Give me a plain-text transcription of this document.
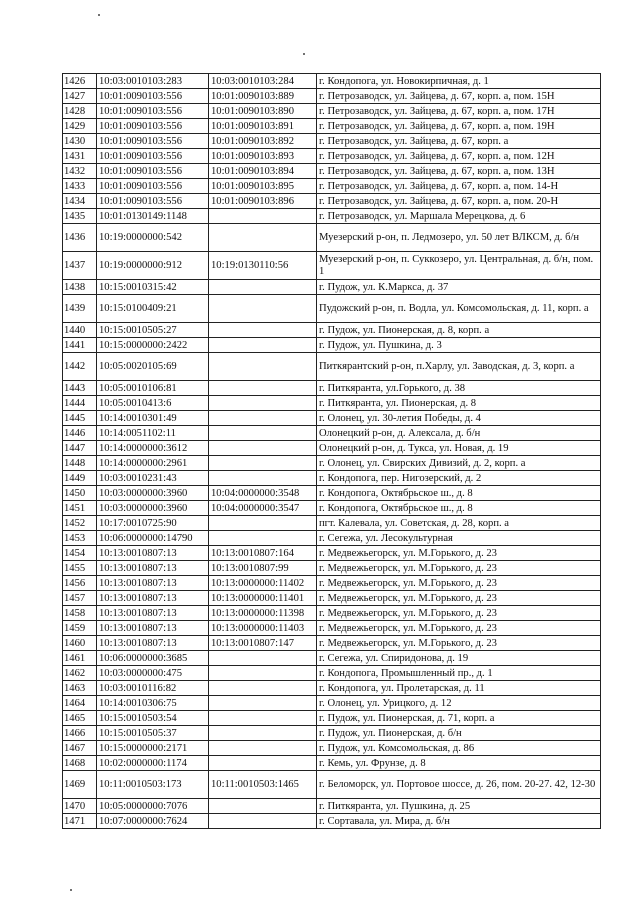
1426	10:03:0010103:283	10:03:0010103:284	г. Кондопога, ул. Новокирпичная, д. 1
1427	10:01:0090103:556	10:01:0090103:889	г. Петрозаводск, ул. Зайцева, д. 67, корп. а, пом. 15Н
1428	10:01:0090103:556	10:01:0090103:890	г. Петрозаводск, ул. Зайцева, д. 67, корп. а, пом. 17Н
1429	10:01:0090103:556	10:01:0090103:891	г. Петрозаводск, ул. Зайцева, д. 67, корп. а, пом. 19Н
1430	10:01:0090103:556	10:01:0090103:892	г. Петрозаводск, ул. Зайцева, д. 67, корп. а
1431	10:01:0090103:556	10:01:0090103:893	г. Петрозаводск, ул. Зайцева, д. 67, корп. а, пом. 12Н
1432	10:01:0090103:556	10:01:0090103:894	г. Петрозаводск, ул. Зайцева, д. 67, корп. а, пом. 13Н
1433	10:01:0090103:556	10:01:0090103:895	г. Петрозаводск, ул. Зайцева, д. 67, корп. а, пом. 14-Н
1434	10:01:0090103:556	10:01:0090103:896	г. Петрозаводск, ул. Зайцева, д. 67, корп. а, пом. 20-Н
1435	10:01:0130149:1148		г. Петрозаводск, ул. Маршала Мерецкова, д. 6
1436	10:19:0000000:542		Муезерский р-он, п. Ледмозеро, ул. 50 лет ВЛКСМ, д. б/н
1437	10:19:0000000:912	10:19:0130110:56	Муезерский р-он, п. Суккозеро, ул. Центральная, д. б/н, пом. 1
1438	10:15:0010315:42		г. Пудож, ул. К.Маркса, д. 37
1439	10:15:0100409:21		Пудожский р-он, п. Водла, ул. Комсомольская, д. 11, корп. а
1440	10:15:0010505:27		г. Пудож, ул. Пионерская, д. 8, корп. а
1441	10:15:0000000:2422		г. Пудож, ул. Пушкина, д. 3
1442	10:05:0020105:69		Питкярантский р-он, п.Харлу, ул. Заводская, д. 3, корп. а
1443	10:05:0010106:81		г. Питкяранта, ул.Горького, д. 38
1444	10:05:0010413:6		г. Питкяранта, ул. Пионерская, д. 8
1445	10:14:0010301:49		г. Олонец, ул. 30-летия Победы, д. 4
1446	10:14:0051102:11		Олонецкий р-он, д. Алексала, д. б/н
1447	10:14:0000000:3612		Олонецкий р-он, д. Тукса, ул. Новая, д. 19
1448	10:14:0000000:2961		г. Олонец, ул. Свирских Дивизий, д. 2, корп. а
1449	10:03:0010231:43		г. Кондопога, пер. Нигозерский, д. 2
1450	10:03:0000000:3960	10:04:0000000:3548	г. Кондопога, Октябрьское ш., д. 8
1451	10:03:0000000:3960	10:04:0000000:3547	г. Кондопога, Октябрьское ш., д. 8
1452	10:17:0010725:90		пгт. Калевала, ул. Советская, д. 28, корп. а
1453	10:06:0000000:14790		г. Сегежа, ул. Лесокультурная
1454	10:13:0010807:13	10:13:0010807:164	г. Медвежьегорск, ул. М.Горького, д. 23
1455	10:13:0010807:13	10:13:0010807:99	г. Медвежьегорск, ул. М.Горького, д. 23
1456	10:13:0010807:13	10:13:0000000:11402	г. Медвежьегорск, ул. М.Горького, д. 23
1457	10:13:0010807:13	10:13:0000000:11401	г. Медвежьегорск, ул. М.Горького, д. 23
1458	10:13:0010807:13	10:13:0000000:11398	г. Медвежьегорск, ул. М.Горького, д. 23
1459	10:13:0010807:13	10:13:0000000:11403	г. Медвежьегорск, ул. М.Горького, д. 23
1460	10:13:0010807:13	10:13:0010807:147	г. Медвежьегорск, ул. М.Горького, д. 23
1461	10:06:0000000:3685		г. Сегежа, ул. Спиридонова, д. 19
1462	10:03:0000000:475		г. Кондопога, Промышленный пр., д. 1
1463	10:03:0010116:82		г. Кондопога, ул. Пролетарская, д. 11
1464	10:14:0010306:75		г. Олонец, ул. Урицкого, д. 12
1465	10:15:0010503:54		г. Пудож, ул. Пионерская, д. 71, корп. а
1466	10:15:0010505:37		г. Пудож, ул. Пионерская, д. б/н
1467	10:15:0000000:2171		г. Пудож, ул. Комсомольская, д. 86
1468	10:02:0000000:1174		г. Кемь, ул. Фрунзе, д. 8
1469	10:11:0010503:173	10:11:0010503:1465	г. Беломорск, ул. Портовое шоссе, д. 26, пом. 20-27. 42, 12-30
1470	10:05:0000000:7076		г. Питкяранта, ул. Пушкина, д. 25
1471	10:07:0000000:7624		г. Сортавала, ул. Мира, д. б/н
